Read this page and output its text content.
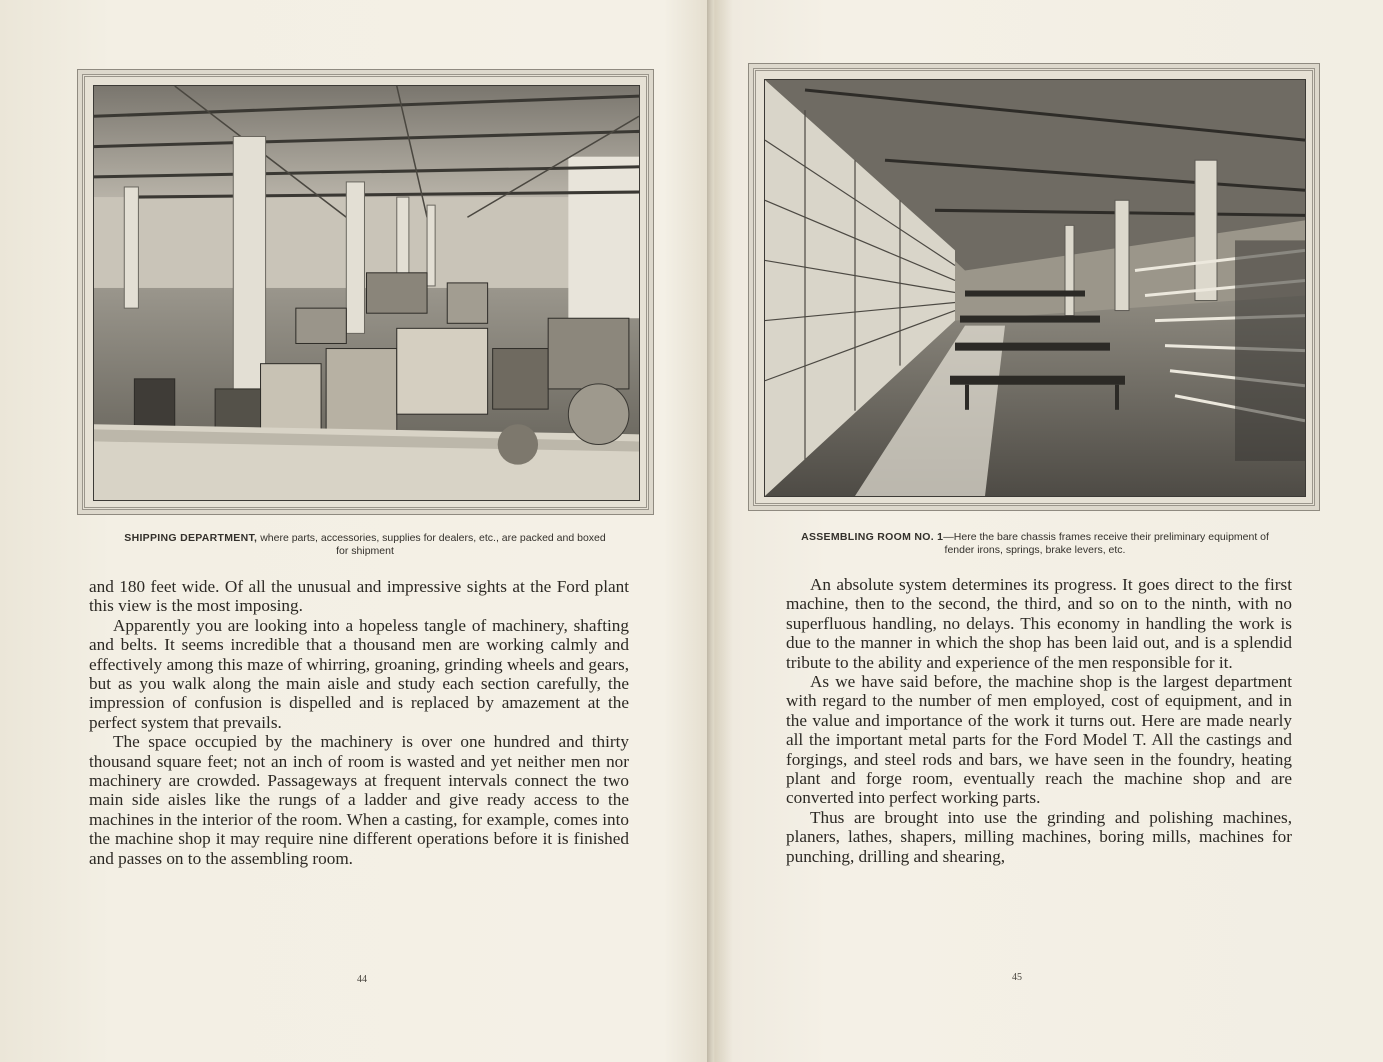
SHIPPING DEPARTMENT, where parts, accessories, supplies for dealers, etc., are packed and boxed for shipment

and 180 feet wide. Of all the unusual and impressive sights at the Ford plant this view is the most imposing.

Apparently you are looking into a hopeless tangle of machinery, shafting and belts. It seems incredible that a thousand men are working calmly and effectively among this maze of whirring, groaning, grinding wheels and gears, but as you walk along the main aisle and study each section carefully, the impression of confusion is dispelled and is replaced by amazement at the perfect system that prevails.

The space occupied by the machinery is over one hundred and thirty thousand square feet; not an inch of room is wasted and yet neither men nor machinery are crowded. Passageways at frequent intervals connect the two main side aisles like the rungs of a ladder and give ready access to the machines in the interior of the room. When a casting, for example, comes into the machine shop it may require nine different operations before it is finished and passes on to the assembling room.

44
ASSEMBLING ROOM NO. 1—Here the bare chassis frames receive their preliminary equipment of fender irons, springs, brake levers, etc.

An absolute system determines its progress. It goes direct to the first machine, then to the second, the third, and so on to the ninth, with no superfluous handling, no delays. This economy in handling the work is due to the manner in which the shop has been laid out, and is a splendid tribute to the ability and experience of the men responsible for it.

As we have said before, the machine shop is the largest department with regard to the number of men employed, cost of equipment, and in the value and importance of the work it turns out. Here are made nearly all the important metal parts for the Ford Model T. All the castings and forgings, and steel rods and bars, we have seen in the foundry, heating plant and forge room, eventually reach the machine shop and are converted into perfect working parts.

Thus are brought into use the grinding and polishing machines, planers, lathes, shapers, milling machines, boring mills, machines for punching, drilling and shearing,

45
